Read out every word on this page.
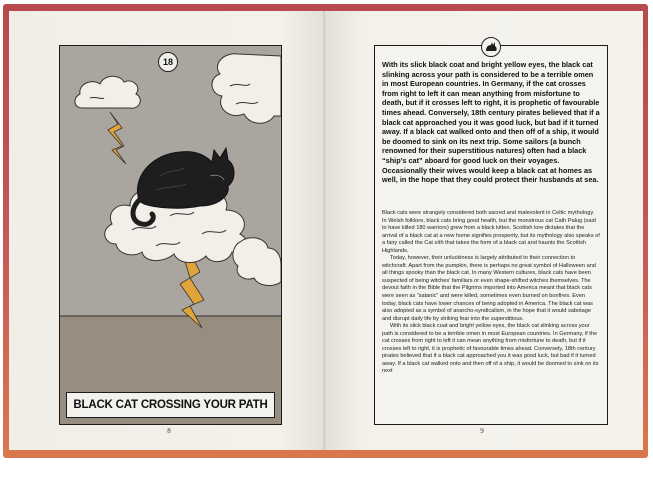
18
BLACK CAT CROSSING YOUR PATH
8

With its slick black coat and bright yellow eyes, the black cat slinking across your path is considered to be a terrible omen in most European countries. In Germany, if the cat crosses from right to left it can mean anything from misfortune to death, but if it crosses left to right, it is prophetic of favourable times ahead. Conversely, 18th century pirates believed that if a black cat approached you it was good luck, but bad if it turned away. If a black cat walked onto and then off of a ship, it would be doomed to sink on its next trip. Some sailors (a bunch renowned for their superstitious natures) often had a black “ship’s cat” aboard for good luck on their voyages. Occasionally their wives would keep a black cat at homes as well, in the hope that they could protect their husbands at sea.

Black cats were strangely considered both sacred and malevolent in Celtic mythology. In Welsh folklore, black cats bring good health, but the monstrous cat Cath Palug (said to have killed 180 warriors) grew from a black kitten. Scottish lore dictates that the arrival of a black cat at a new home signifies prosperity, but its mythology also speaks of a fairy called the Cat sìth that takes the form of a black cat and haunts the Scottish Highlands.
Today, however, their unluckiness is largely attributed to their connection to witchcraft. Apart from the pumpkin, there is perhaps no great symbol of Halloween and all things spooky than the black cat. In many Western cultures, black cats have been suspected of being witches’ familiars or even shape-shifted witches themselves. The devout faith in the Bible that the Pilgrims imported into America meant that black cats were seen as “satanic” and were killed, sometimes even burned on bonfires. Even today, black cats have lower chances of being adopted in America. The black cat was also adopted as a symbol of anarcho-syndicalism, in the hope that it would sabotage and disrupt daily life by striking fear into the superstitious.
With its slick black coat and bright yellow eyes, the black cat slinking across your path is considered to be a terrible omen in most European countries. In Germany, if the cat crosses from right to left it can mean anything from misfortune to death, but if it crosses left to right, it is prophetic of favourable times ahead. Conversely, 18th century pirates believed that if a black cat approached you it was good luck, but bad if it turned away. If a black cat walked onto and then off of a ship, it would be doomed to sink on its next
9
